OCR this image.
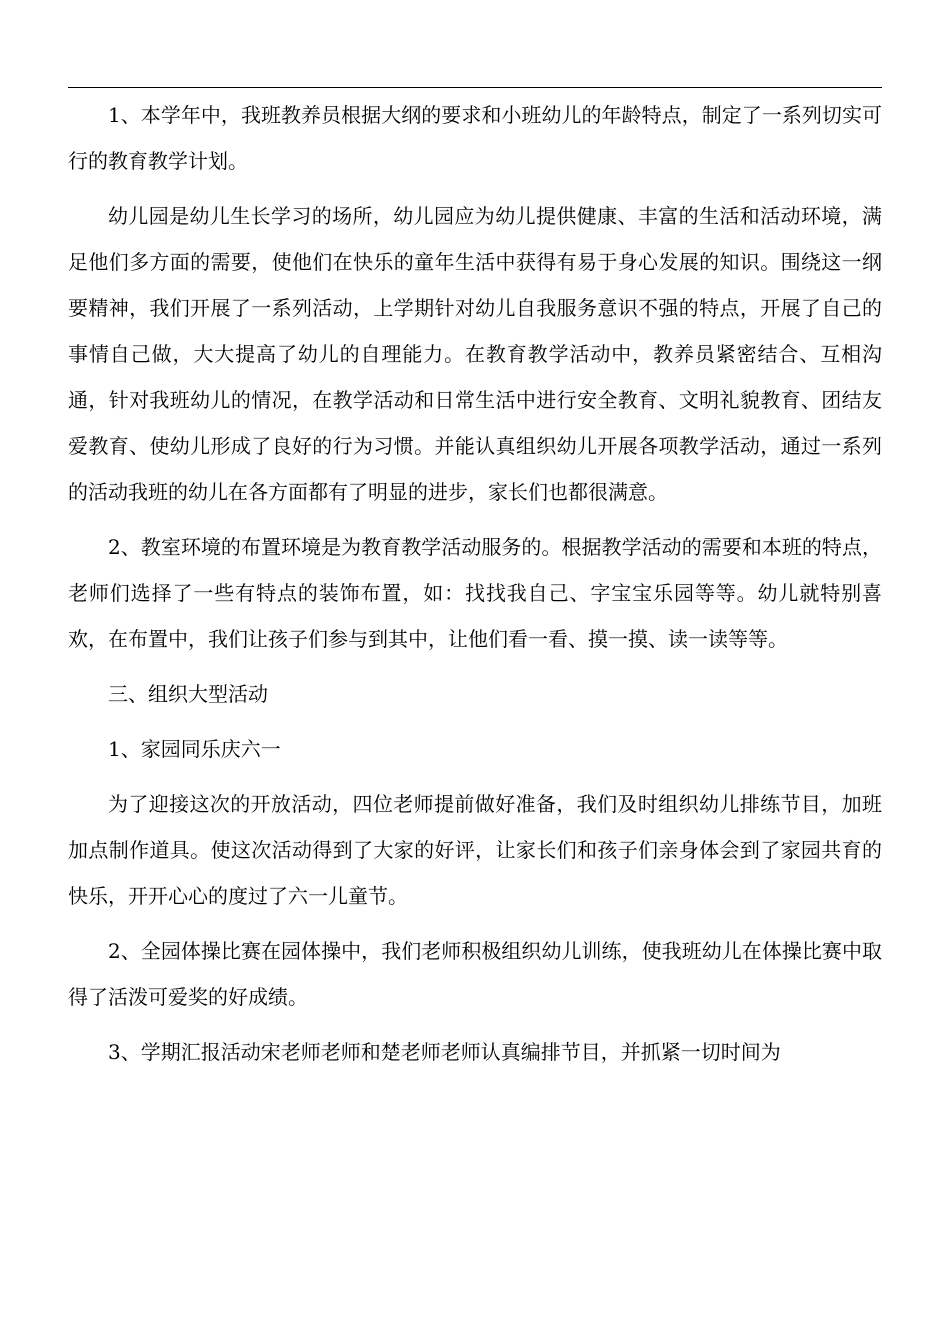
1、本学年中，我班教养员根据大纲的要求和小班幼儿的年龄特点，制定了一系列切实可行的教育教学计划。

幼儿园是幼儿生长学习的场所，幼儿园应为幼儿提供健康、丰富的生活和活动环境，满足他们多方面的需要，使他们在快乐的童年生活中获得有易于身心发展的知识。围绕这一纲要精神，我们开展了一系列活动，上学期针对幼儿自我服务意识不强的特点，开展了自己的事情自己做，大大提高了幼儿的自理能力。在教育教学活动中，教养员紧密结合、互相沟通，针对我班幼儿的情况，在教学活动和日常生活中进行安全教育、文明礼貌教育、团结友爱教育、使幼儿形成了良好的行为习惯。并能认真组织幼儿开展各项教学活动，通过一系列的活动我班的幼儿在各方面都有了明显的进步，家长们也都很满意。

2、教室环境的布置环境是为教育教学活动服务的。根据教学活动的需要和本班的特点，老师们选择了一些有特点的装饰布置，如：找找我自己、字宝宝乐园等等。幼儿就特别喜欢，在布置中，我们让孩子们参与到其中，让他们看一看、摸一摸、读一读等等。

三、组织大型活动

1、家园同乐庆六一

为了迎接这次的开放活动，四位老师提前做好准备，我们及时组织幼儿排练节目，加班加点制作道具。使这次活动得到了大家的好评，让家长们和孩子们亲身体会到了家园共育的快乐，开开心心的度过了六一儿童节。

2、全园体操比赛在园体操中，我们老师积极组织幼儿训练，使我班幼儿在体操比赛中取得了活泼可爱奖的好成绩。

3、学期汇报活动宋老师老师和楚老师老师认真编排节目，并抓紧一切时间为
